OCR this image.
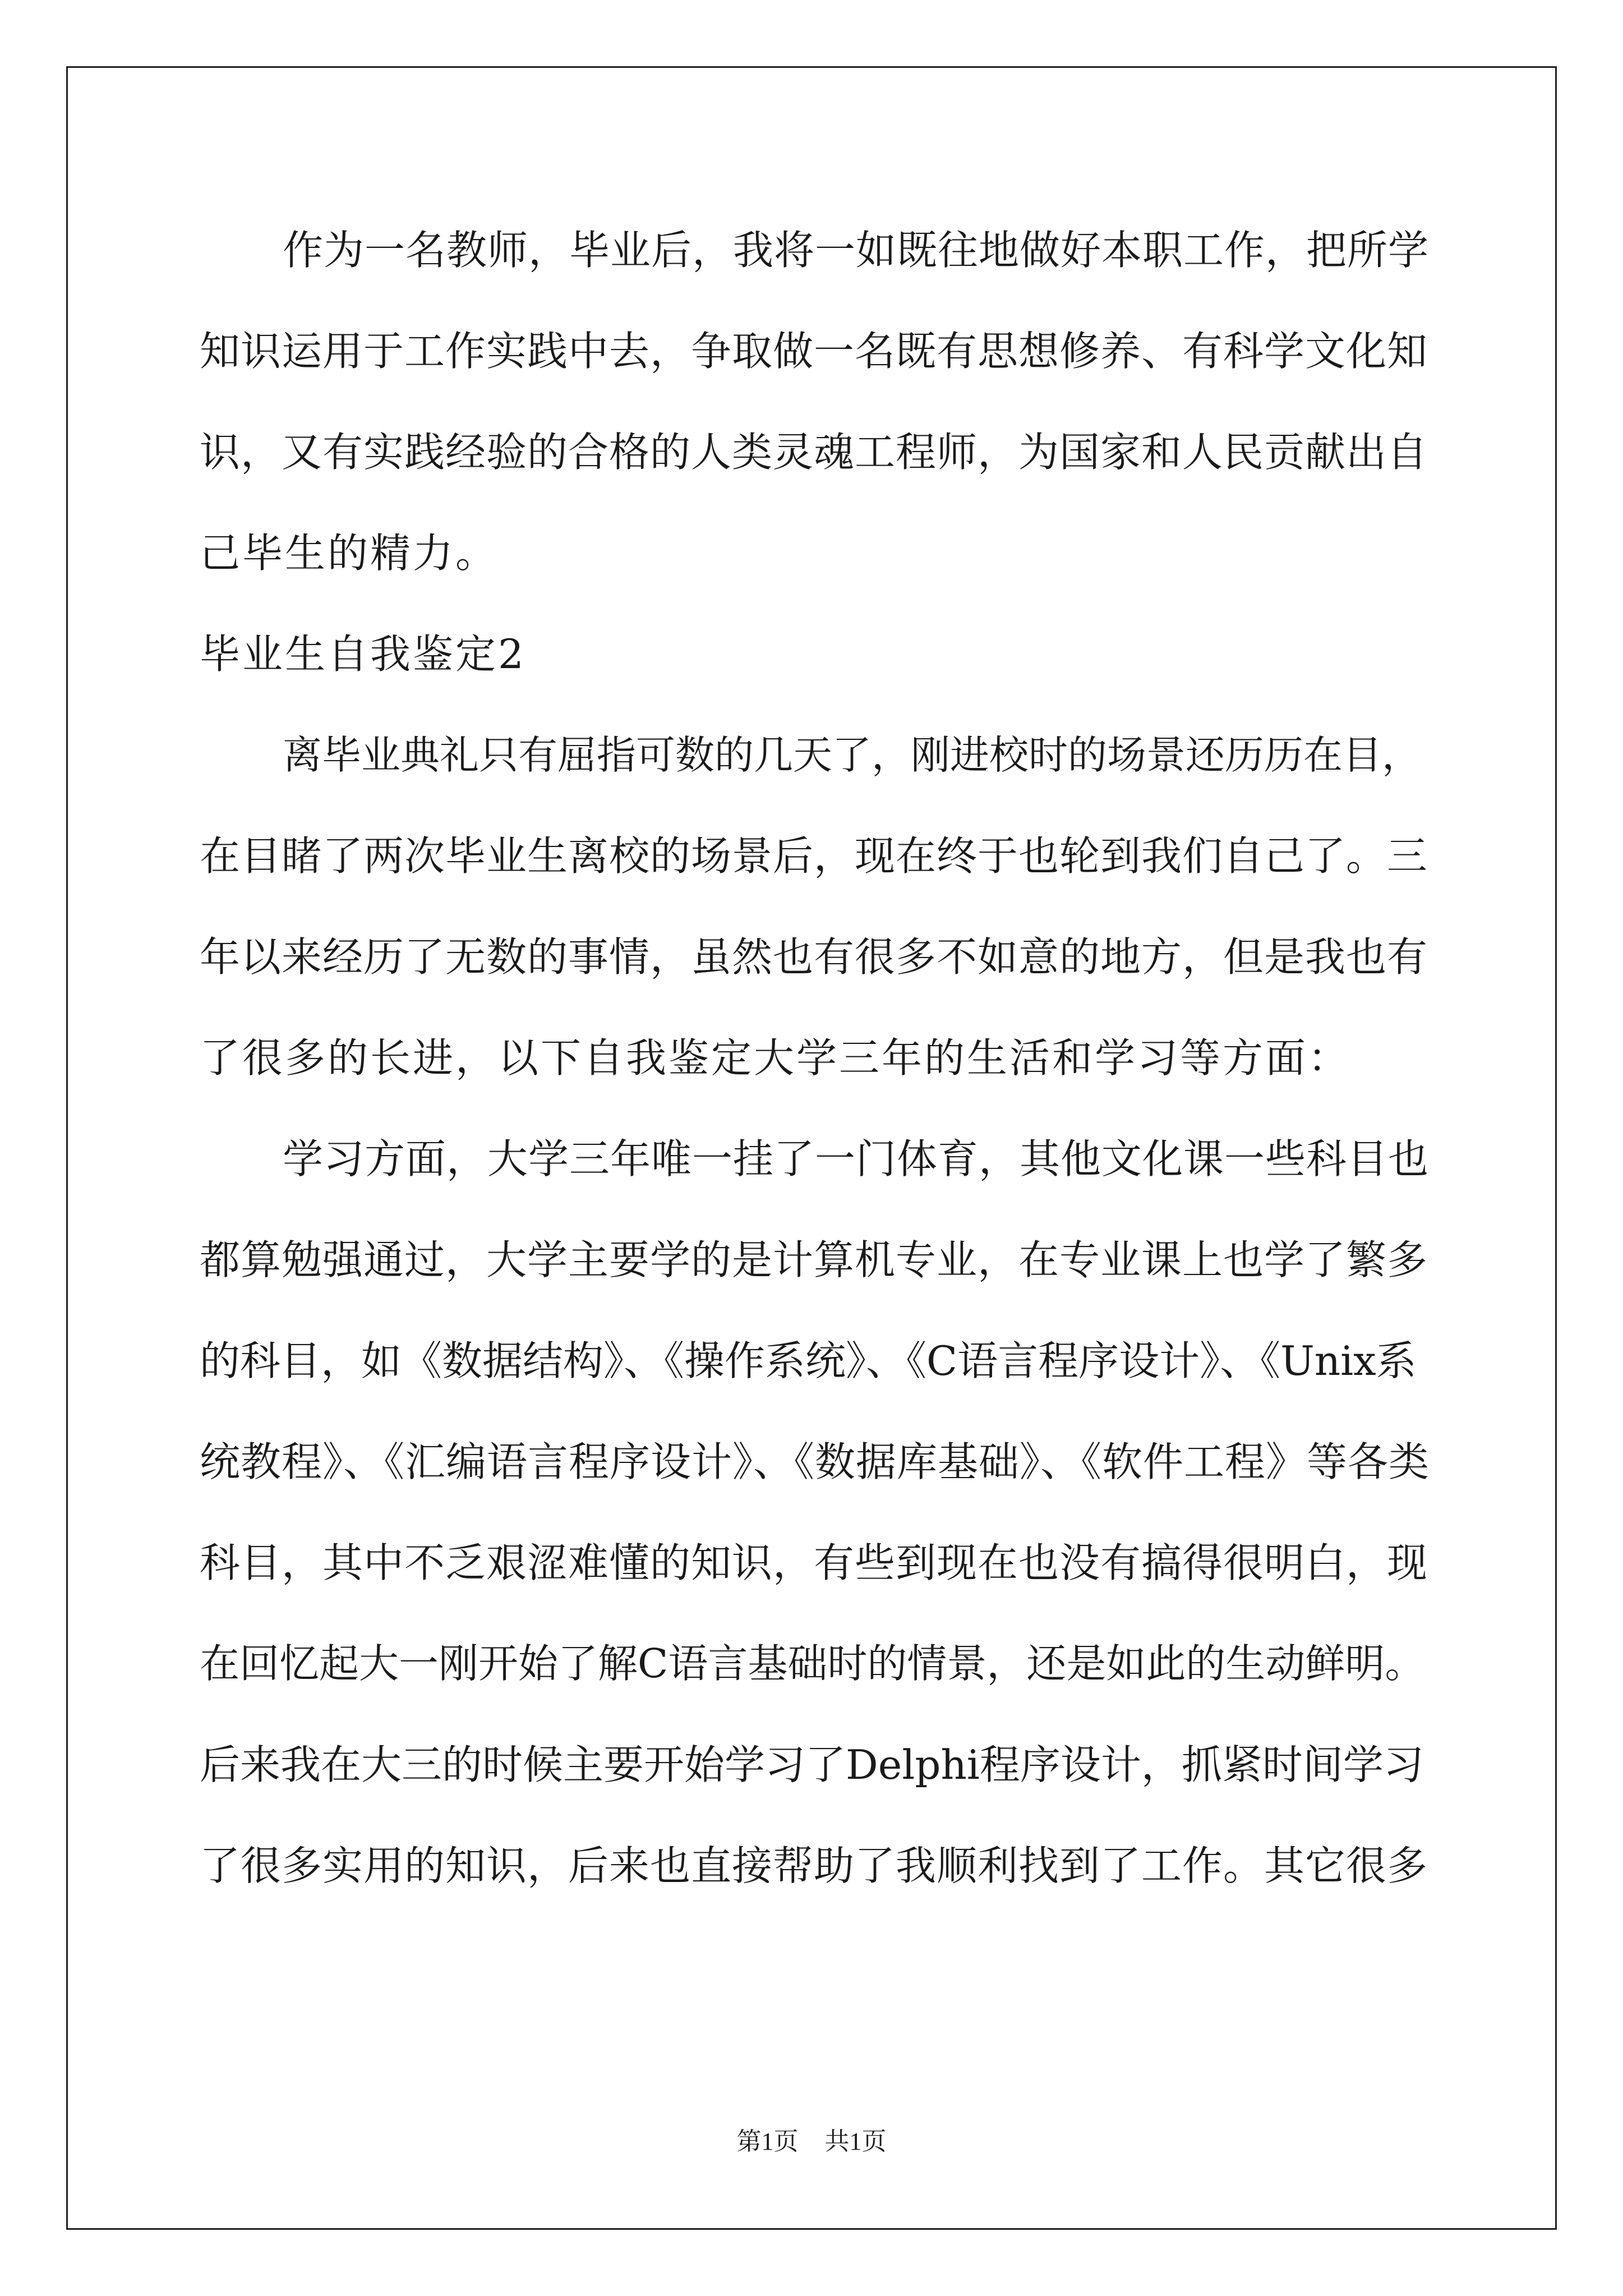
作为一名教师，毕业后，我将一如既往地做好本职工作，把所学
知识运用于工作实践中去，争取做一名既有思想修养、有科学文化知
识，又有实践经验的合格的人类灵魂工程师，为国家和人民贡献出自
己毕生的精力。
毕业生自我鉴定2
离毕业典礼只有屈指可数的几天了，刚进校时的场景还历历在目，
在目睹了两次毕业生离校的场景后，现在终于也轮到我们自己了。三
年以来经历了无数的事情，虽然也有很多不如意的地方，但是我也有
了很多的长进，以下自我鉴定大学三年的生活和学习等方面：
学习方面，大学三年唯一挂了一门体育，其他文化课一些科目也
都算勉强通过，大学主要学的是计算机专业，在专业课上也学了繁多
的科目，如《数据结构》、《操作系统》、《C语言程序设计》、《Unix系
统教程》、《汇编语言程序设计》、《数据库基础》、《软件工程》等各类
科目，其中不乏艰涩难懂的知识，有些到现在也没有搞得很明白，现
在回忆起大一刚开始了解C语言基础时的情景，还是如此的生动鲜明。
后来我在大三的时候主要开始学习了Delphi程序设计，抓紧时间学习
了很多实用的知识，后来也直接帮助了我顺利找到了工作。其它很多
第1页 共1页
